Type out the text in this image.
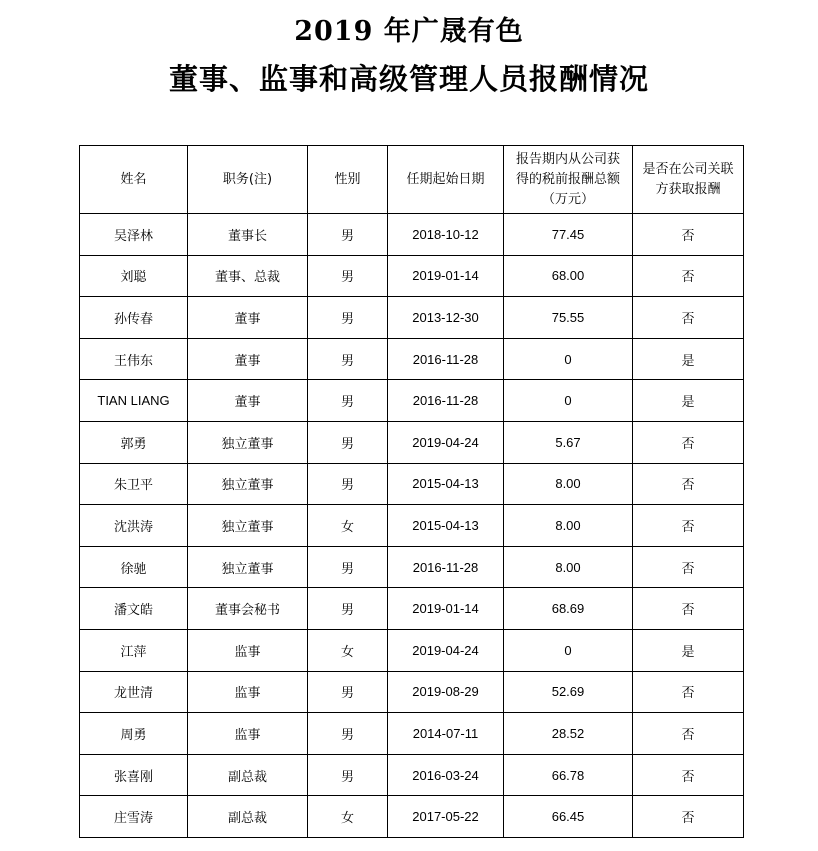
2019 年广晟有色
董事、监事和高级管理人员报酬情况
姓名	职务(注)	性别	任期起始日期	报告期内从公司获得的税前报酬总额（万元）	是否在公司关联方获取报酬
吴泽林	董事长	男	2018-10-12	77.45	否
刘聪	董事、总裁	男	2019-01-14	68.00	否
孙传春	董事	男	2013-12-30	75.55	否
王伟东	董事	男	2016-11-28	0	是
TIAN LIANG	董事	男	2016-11-28	0	是
郭勇	独立董事	男	2019-04-24	5.67	否
朱卫平	独立董事	男	2015-04-13	8.00	否
沈洪涛	独立董事	女	2015-04-13	8.00	否
徐驰	独立董事	男	2016-11-28	8.00	否
潘文皓	董事会秘书	男	2019-01-14	68.69	否
江萍	监事	女	2019-04-24	0	是
龙世清	监事	男	2019-08-29	52.69	否
周勇	监事	男	2014-07-11	28.52	否
张喜刚	副总裁	男	2016-03-24	66.78	否
庄雪涛	副总裁	女	2017-05-22	66.45	否
